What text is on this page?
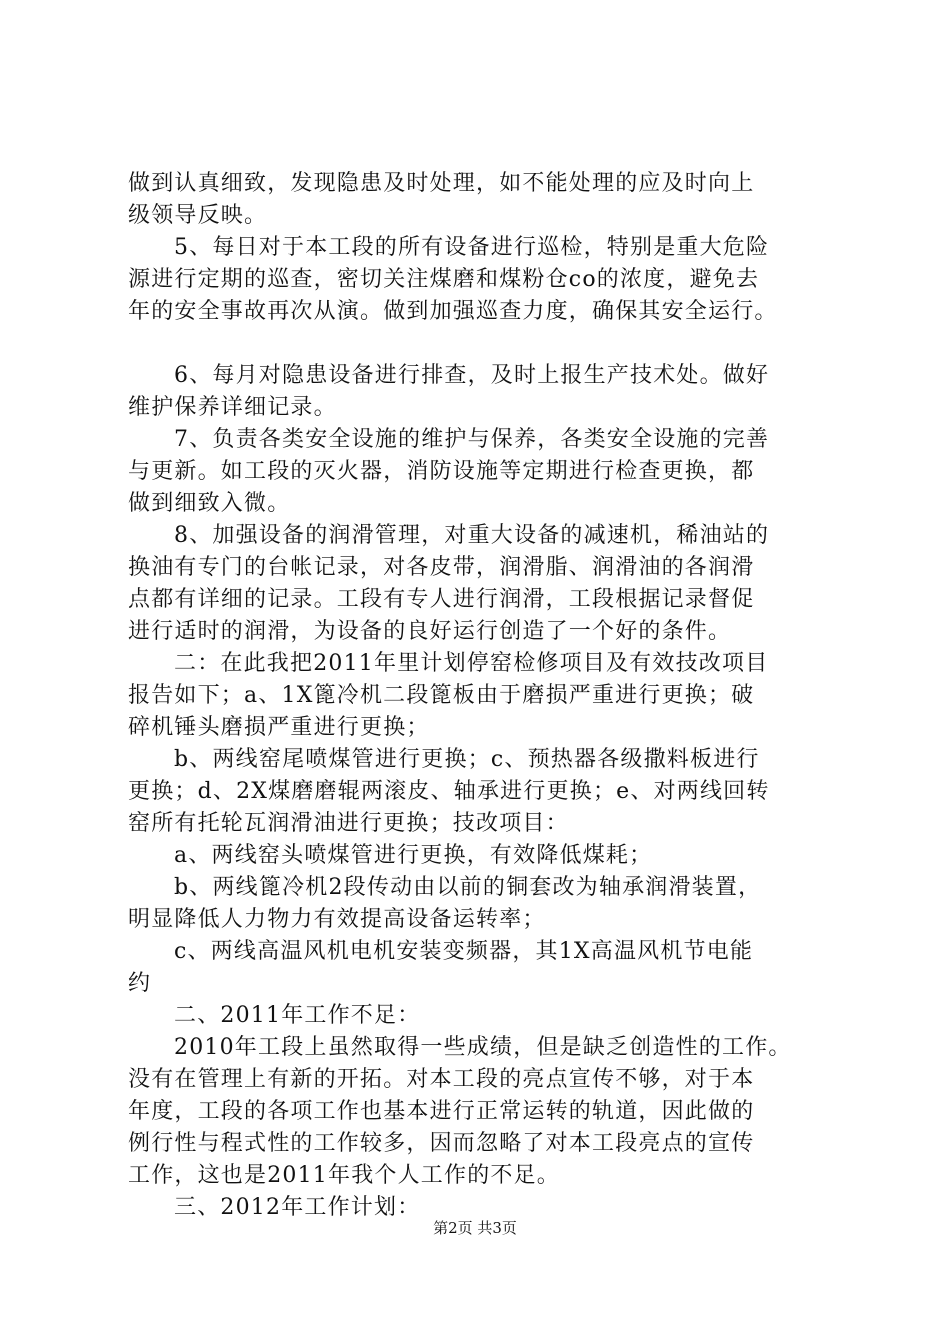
做到认真细致，发现隐患及时处理，如不能处理的应及时向上
级领导反映。
5、每日对于本工段的所有设备进行巡检，特别是重大危险
源进行定期的巡查，密切关注煤磨和煤粉仓co的浓度，避免去
年的安全事故再次从演。做到加强巡查力度，确保其安全运行。
6、每月对隐患设备进行排查，及时上报生产技术处。做好
维护保养详细记录。
7、负责各类安全设施的维护与保养，各类安全设施的完善
与更新。如工段的灭火器，消防设施等定期进行检查更换，都
做到细致入微。
8、加强设备的润滑管理，对重大设备的减速机，稀油站的
换油有专门的台帐记录，对各皮带，润滑脂、润滑油的各润滑
点都有详细的记录。工段有专人进行润滑，工段根据记录督促
进行适时的润滑，为设备的良好运行创造了一个好的条件。
二：在此我把2011年里计划停窑检修项目及有效技改项目
报告如下；a、1X篦冷机二段篦板由于磨损严重进行更换；破
碎机锤头磨损严重进行更换；
b、两线窑尾喷煤管进行更换；c、预热器各级撒料板进行
更换；d、2X煤磨磨辊两滚皮、轴承进行更换；e、对两线回转
窑所有托轮瓦润滑油进行更换；技改项目：
a、两线窑头喷煤管进行更换，有效降低煤耗；
b、两线篦冷机2段传动由以前的铜套改为轴承润滑装置，
明显降低人力物力有效提高设备运转率；
c、两线高温风机电机安装变频器，其1X高温风机节电能
约
二、2011年工作不足：
2010年工段上虽然取得一些成绩，但是缺乏创造性的工作。
没有在管理上有新的开拓。对本工段的亮点宣传不够，对于本
年度，工段的各项工作也基本进行正常运转的轨道，因此做的
例行性与程式性的工作较多，因而忽略了对本工段亮点的宣传
工作，这也是2011年我个人工作的不足。
三、2012年工作计划：
第2页 共3页
